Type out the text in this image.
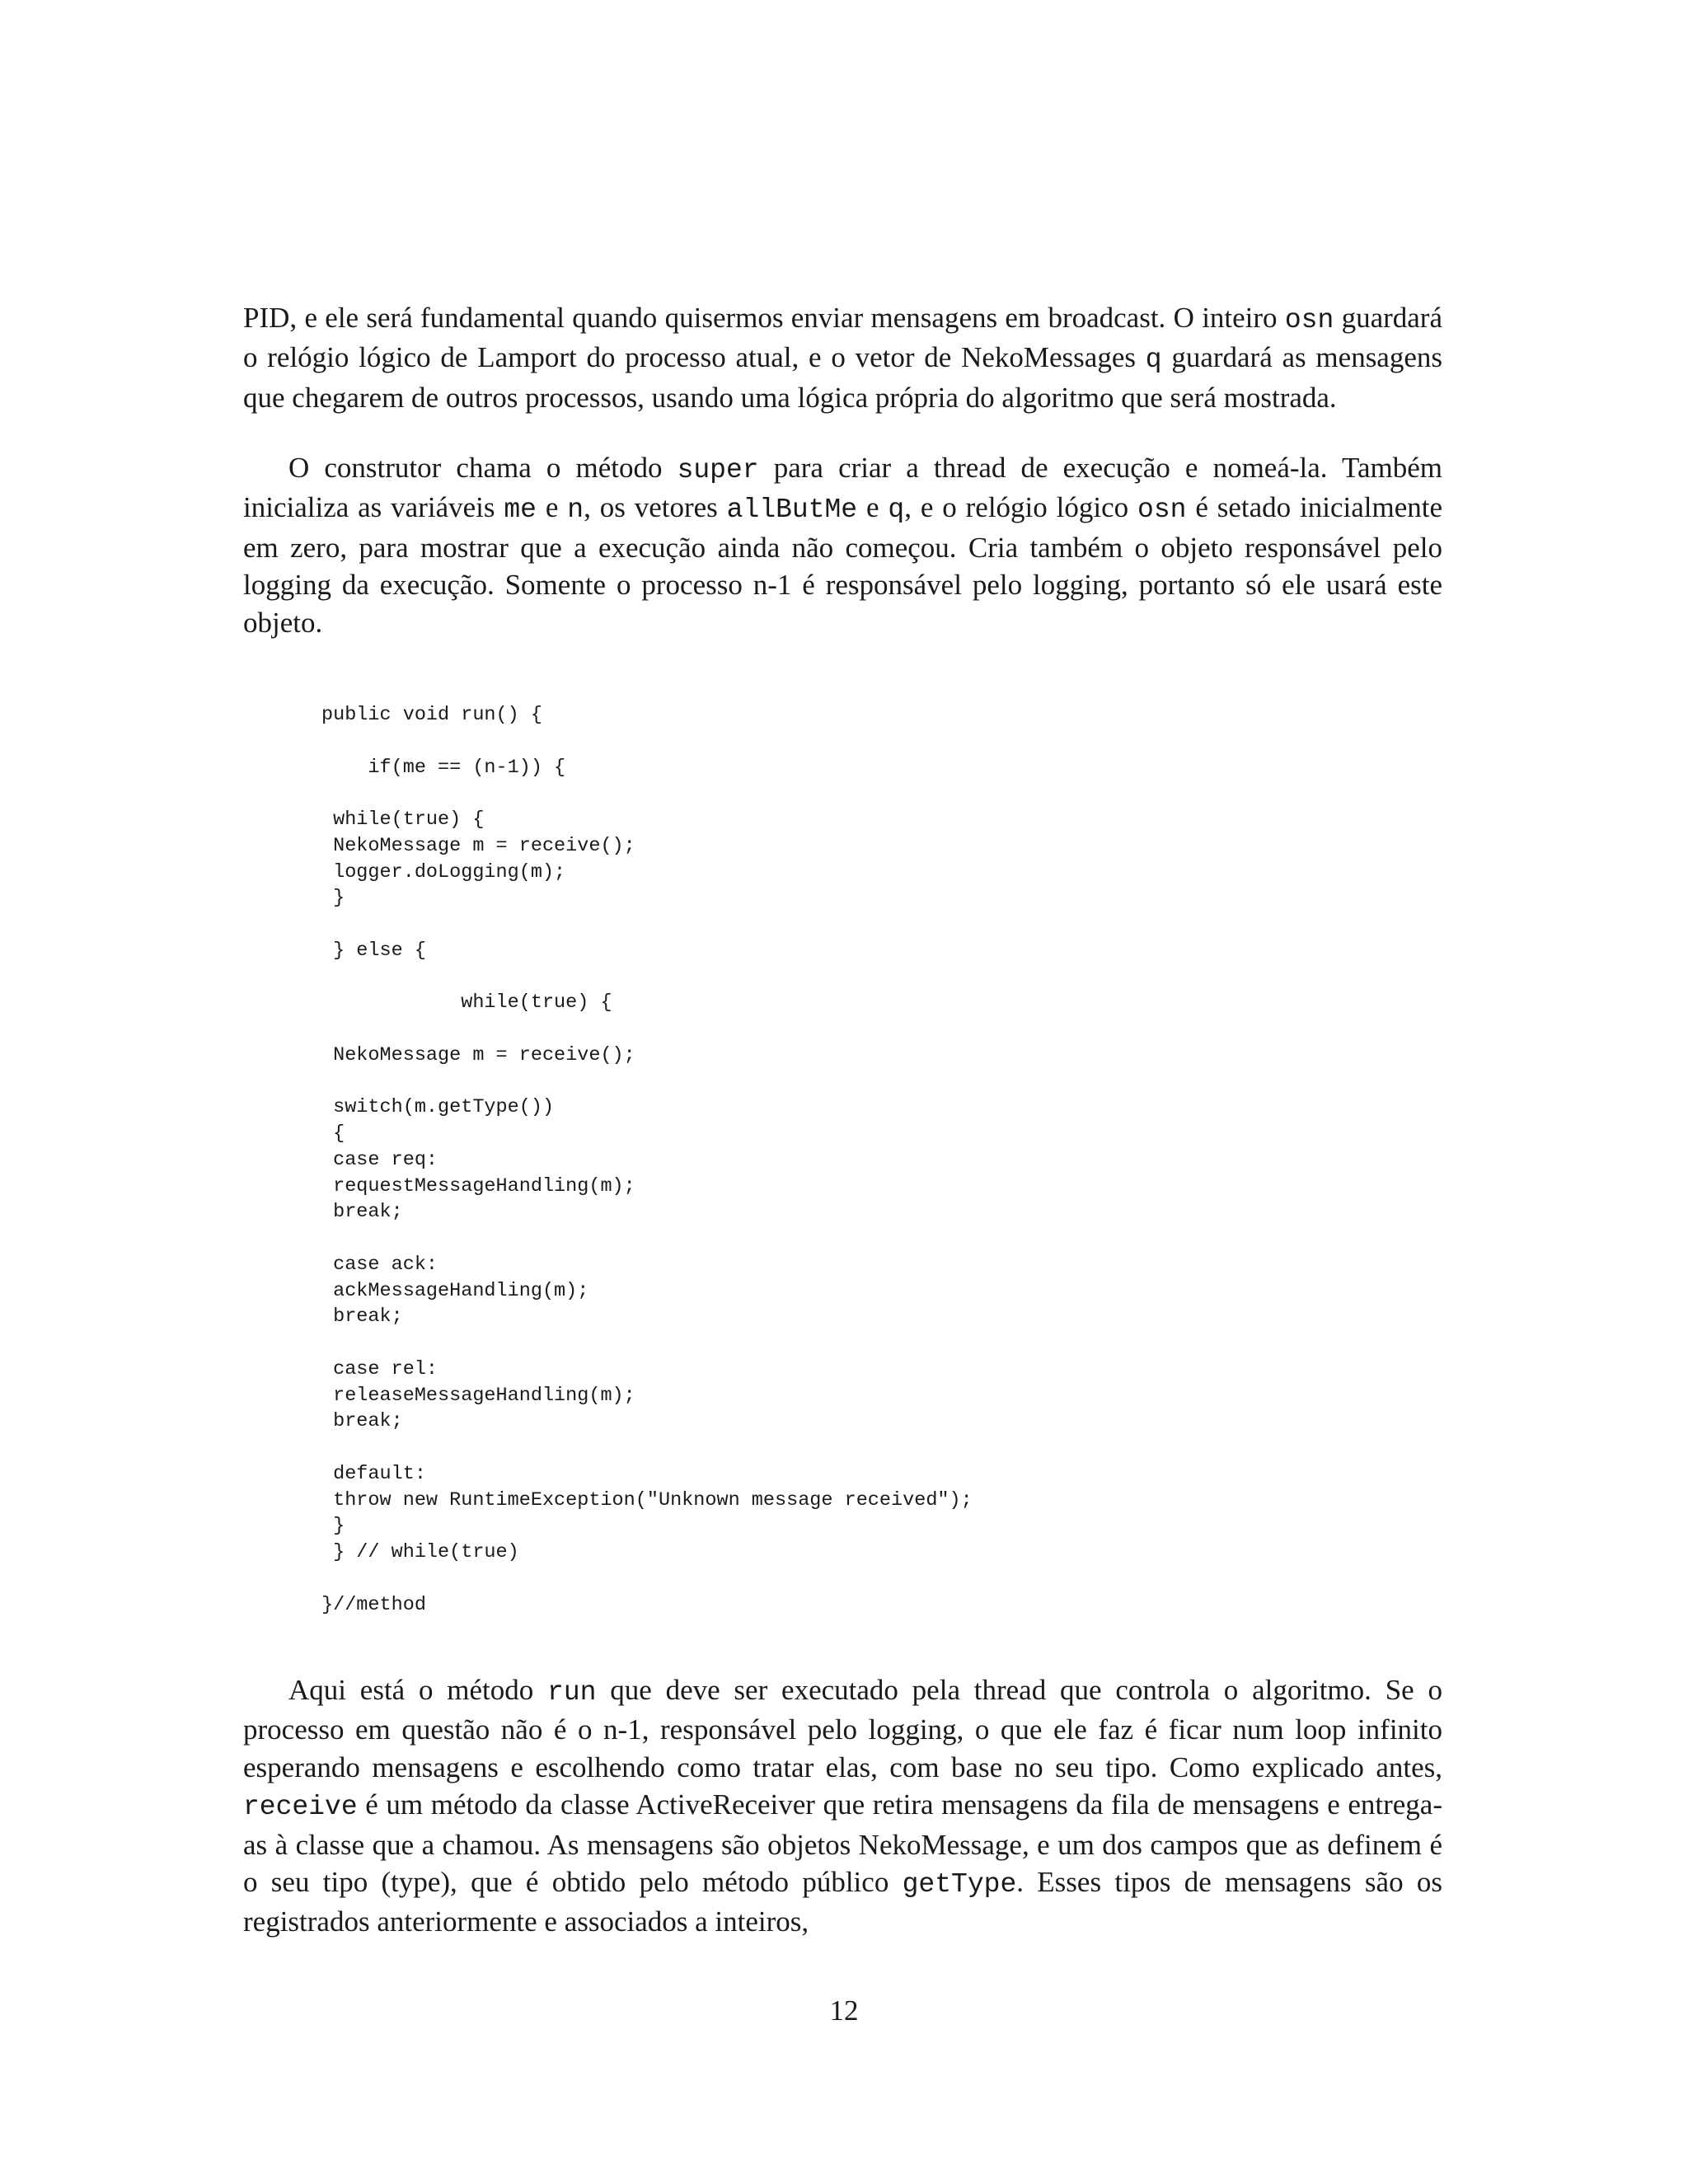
PID, e ele será fundamental quando quisermos enviar mensagens em broadcast. O inteiro osn guardará o relógio lógico de Lamport do processo atual, e o vetor de NekoMessages q guardará as mensagens que chegarem de outros processos, usando uma lógica própria do algoritmo que será mostrada.

O construtor chama o método super para criar a thread de execução e nomeá-la. Também inicializa as variáveis me e n, os vetores allButMe e q, e o relógio lógico osn é setado inicialmente em zero, para mostrar que a execução ainda não começou. Cria também o objeto responsável pelo logging da execução. Somente o processo n-1 é responsável pelo logging, portanto só ele usará este objeto.

public void run() {

if(me == (n-1)) {

while(true) {
NekoMessage m = receive();
logger.doLogging(m);
}

} else {

while(true) {

NekoMessage m = receive();

switch(m.getType())
{
case req:
requestMessageHandling(m);
break;

case ack:
ackMessageHandling(m);
break;

case rel:
releaseMessageHandling(m);
break;

default:
throw new RuntimeException("Unknown message received");
}
} // while(true)

}//method

Aqui está o método run que deve ser executado pela thread que controla o algoritmo. Se o processo em questão não é o n-1, responsável pelo logging, o que ele faz é ficar num loop infinito esperando mensagens e escolhendo como tratar elas, com base no seu tipo. Como explicado antes, receive é um método da classe ActiveReceiver que retira mensagens da fila de mensagens e entrega-as à classe que a chamou. As mensagens são objetos NekoMessage, e um dos campos que as definem é o seu tipo (type), que é obtido pelo método público getType. Esses tipos de mensagens são os registrados anteriormente e associados a inteiros,

12
